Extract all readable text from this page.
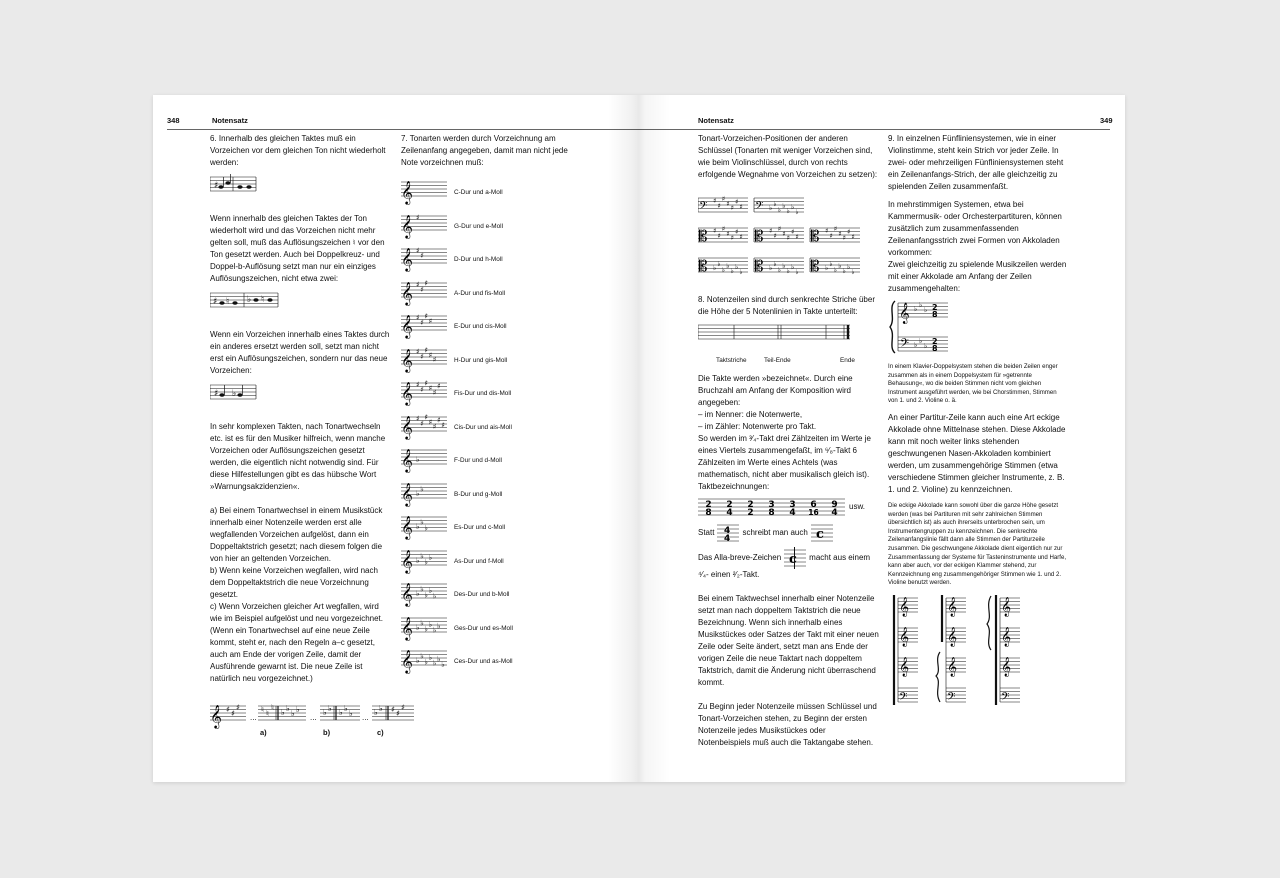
348	Notensatz

6. Innerhalb des gleichen Taktes muß ein Vorzeichen vor dem gleichen Ton nicht wiederholt werden:

♯

Wenn innerhalb des gleichen Taktes der Ton wiederholt wird und das Vorzeichen nicht mehr gelten soll, muß das Auflösungszeichen ♮ vor den Ton gesetzt werden. Auch bei Doppelkreuz- und Doppel-b-Auflösung setzt man nur ein einziges Auflösungszeichen, nicht etwa zwei:

♯ ♮ ♭ ♮

Wenn ein Vorzeichen innerhalb eines Taktes durch ein anderes ersetzt werden soll, setzt man nicht erst ein Auflösungszeichen, sondern nur das neue Vorzeichen:

♯ ♭

In sehr komplexen Takten, nach Tonartwechseln etc. ist es für den Musiker hilfreich, wenn manche Vorzeichen oder Auflösungszeichen gesetzt werden, die eigentlich nicht notwendig sind. Für diese Hilfestellungen gibt es das hübsche Wort »Warnungsakzidenzien«.

a) Bei einem Tonartwechsel in einem Musikstück innerhalb einer Notenzeile werden erst alle wegfallenden Vorzeichen aufgelöst, dann ein Doppeltaktstrich gesetzt; nach diesem folgen die von hier an geltenden Vorzeichen.

b) Wenn keine Vorzeichen wegfallen, wird nach dem Doppeltaktstrich die neue Vorzeichnung gesetzt.

c) Wenn Vorzeichen gleicher Art wegfallen, wird wie im Beispiel aufgelöst und neu vorgezeichnet. (Wenn ein Tonartwechsel auf eine neue Zeile kommt, steht er, nach den Regeln a–c gesetzt, auch am Ende der vorigen Zeile, damit der Ausführende gewarnt ist. Die neue Zeile ist natürlich neu vorgezeichnet.)

𝄞 ♯ ♯
♯
...
♮ ♮
♮
♭ ♭
♭ ♭
...
♭ ♭ ♭ ♭
♭ ...
♭ ♭ ♯ ♯
♯
a)	b)	c)

7. Tonarten werden durch Vorzeichnung am Zeilenanfang angegeben, damit man nicht jede Note vorzeichnen muß:

𝄞	C-Dur und a-Moll
𝄞 ♯
G-Dur und e-Moll
𝄞 ♯
♯	D-Dur und h-Moll
𝄞 ♯
♯
♯
A-Dur und fis-Moll
𝄞 ♯
♯
♯
♯
E-Dur und cis-Moll
𝄞 ♯
♯
♯
♯ ♯	H-Dur und gis-Moll
𝄞 ♯
♯
♯
♯ ♯
♯
Fis-Dur und dis-Moll
𝄞 ♯
♯
♯
♯ ♯
♯
♯ Cis-Dur und ais-Moll
𝄞 ♭	F-Dur und d-Moll
𝄞 ♭ ♭
B-Dur und g-Moll
𝄞 ♭ ♭
♭	Es-Dur und c-Moll
𝄞 ♭ ♭
♭ ♭	As-Dur und f-Moll
𝄞 ♭ ♭
♭ ♭
♭	Des-Dur und b-Moll
𝄞 ♭ ♭
♭ ♭
♭ ♭ Ges-Dur und es-Moll
𝄞 ♭ ♭
♭ ♭
♭ ♭
♭ Ces-Dur und as-Moll
Notensatz	349

Tonart-Vorzeichen-Positionen der anderen Schlüssel (Tonarten mit weniger Vorzeichen sind, wie beim Violinschlüssel, durch von rechts erfolgende Wegnahme von Vorzeichen zu setzen):

𝄢 ♯
♯
♯
♯ ♯
♯
♯ 𝄢 ♭ ♭
♭ ♭
♭ ♭
♭
𝄡 ♯
♯
♯
♯ ♯
♯
♯ 𝄡 ♯
♯
♯
♯ ♯
♯
♯ 𝄡 ♯
♯
♯
♯ ♯
♯
♯
𝄡 ♭ ♭
♭ ♭
♭ ♭
♭ 𝄡 ♭ ♭
♭ ♭
♭ ♭
♭ 𝄡 ♭ ♭
♭ ♭
♭ ♭
♭

8. Notenzeilen sind durch senkrechte Striche über die Höhe der 5 Notenlinien in Takte unterteilt:

Taktstriche	Teil-Ende	Ende

Die Takte werden »bezeichnet«. Durch eine Bruchzahl am Anfang der Komposition wird angegeben:

– im Nenner: die Notenwerte,

– im Zähler: Notenwerte pro Takt.

So werden im ³⁄₄-Takt drei Zählzeiten im Werte je eines Viertels zusammengefaßt, im ⁶⁄₈-Takt 6 Zählzeiten im Werte eines Achtels (was mathematisch, nicht aber musikalisch gleich ist). Taktbezeichnungen:

2
8
2
4
2
2
3
8
3
4
6
16
9
4
usw.
Statt 4
4
schreibt man auch c
Das Alla-breve-Zeichen c macht aus einem

⁴⁄₄- einen ²⁄₂-Takt.

Bei einem Taktwechsel innerhalb einer Notenzeile setzt man nach doppeltem Taktstrich die neue Bezeichnung. Wenn sich innerhalb eines Musikstückes oder Satzes der Takt mit einer neuen Zeile oder Seite ändert, setzt man ans Ende der vorigen Zeile die neue Taktart nach doppeltem Taktstrich, damit die Änderung nicht überraschend kommt.

Zu Beginn jeder Notenzeile müssen Schlüssel und Tonart-Vorzeichen stehen, zu Beginn der ersten Notenzeile jedes Musikstückes oder Notenbeispiels muß auch die Taktangabe stehen.

9. In einzelnen Fünfliniensystemen, wie in einer Violinstimme, steht kein Strich vor jeder Zeile. In zwei- oder mehrzeiligen Fünfliniensystemen steht ein Zeilenanfangs-Strich, der alle gleichzeitig zu spielenden Zeilen zusammenfaßt.

In mehrstimmigen Systemen, etwa bei Kammermusik- oder Orchesterpartituren, können zusätzlich zum zusammenfassenden Zeilenanfangsstrich zwei Formen von Akkoladen vorkommen:

Zwei gleichzeitig zu spielende Musikzeilen werden mit einer Akkolade am Anfang der Zeilen zusammengehalten:

𝄞
𝄢
♭ ♭
♭
♭ ♭
♭
2
8
2
8

In einem Klavier-Doppelsystem stehen die beiden Zeilen enger zusammen als in einem Doppelsystem für »getrennte Behausung«, wo die beiden Stimmen nicht vom gleichen Instrument ausgeführt werden, wie bei Chorstimmen, Stimmen von 1. und 2. Violine o. ä.

An einer Partitur-Zeile kann auch eine Art eckige Akkolade ohne Mittelnase stehen. Diese Akkolade kann mit noch weiter links stehenden geschwungenen Nasen-Akkoladen kombiniert werden, um zusammengehörige Stimmen (etwa verschiedene Stimmen gleicher Instrumente, z. B. 1. und 2. Violine) zu kennzeichnen.

Die eckige Akkolade kann sowohl über die ganze Höhe gesetzt werden (was bei Partituren mit sehr zahlreichen Stimmen übersichtlich ist) als auch ihrerseits unterbrochen sein, um Instrumentengruppen zu kennzeichnen. Die senkrechte Zeilenanfangslinie fällt dann alle Stimmen der Partiturzeile zusammen. Die geschwungene Akkolade dient eigentlich nur zur Zusammenfassung der Systeme für Tasteninstrumente und Harfe, kann aber auch, vor der eckigen Klammer stehend, zur Kennzeichnung eng zusammengehöriger Stimmen wie 1. und 2. Violine benutzt werden.

𝄞
𝄞
𝄞
𝄢
𝄞
𝄞
𝄞
𝄢
𝄞
𝄞
𝄞
𝄢
